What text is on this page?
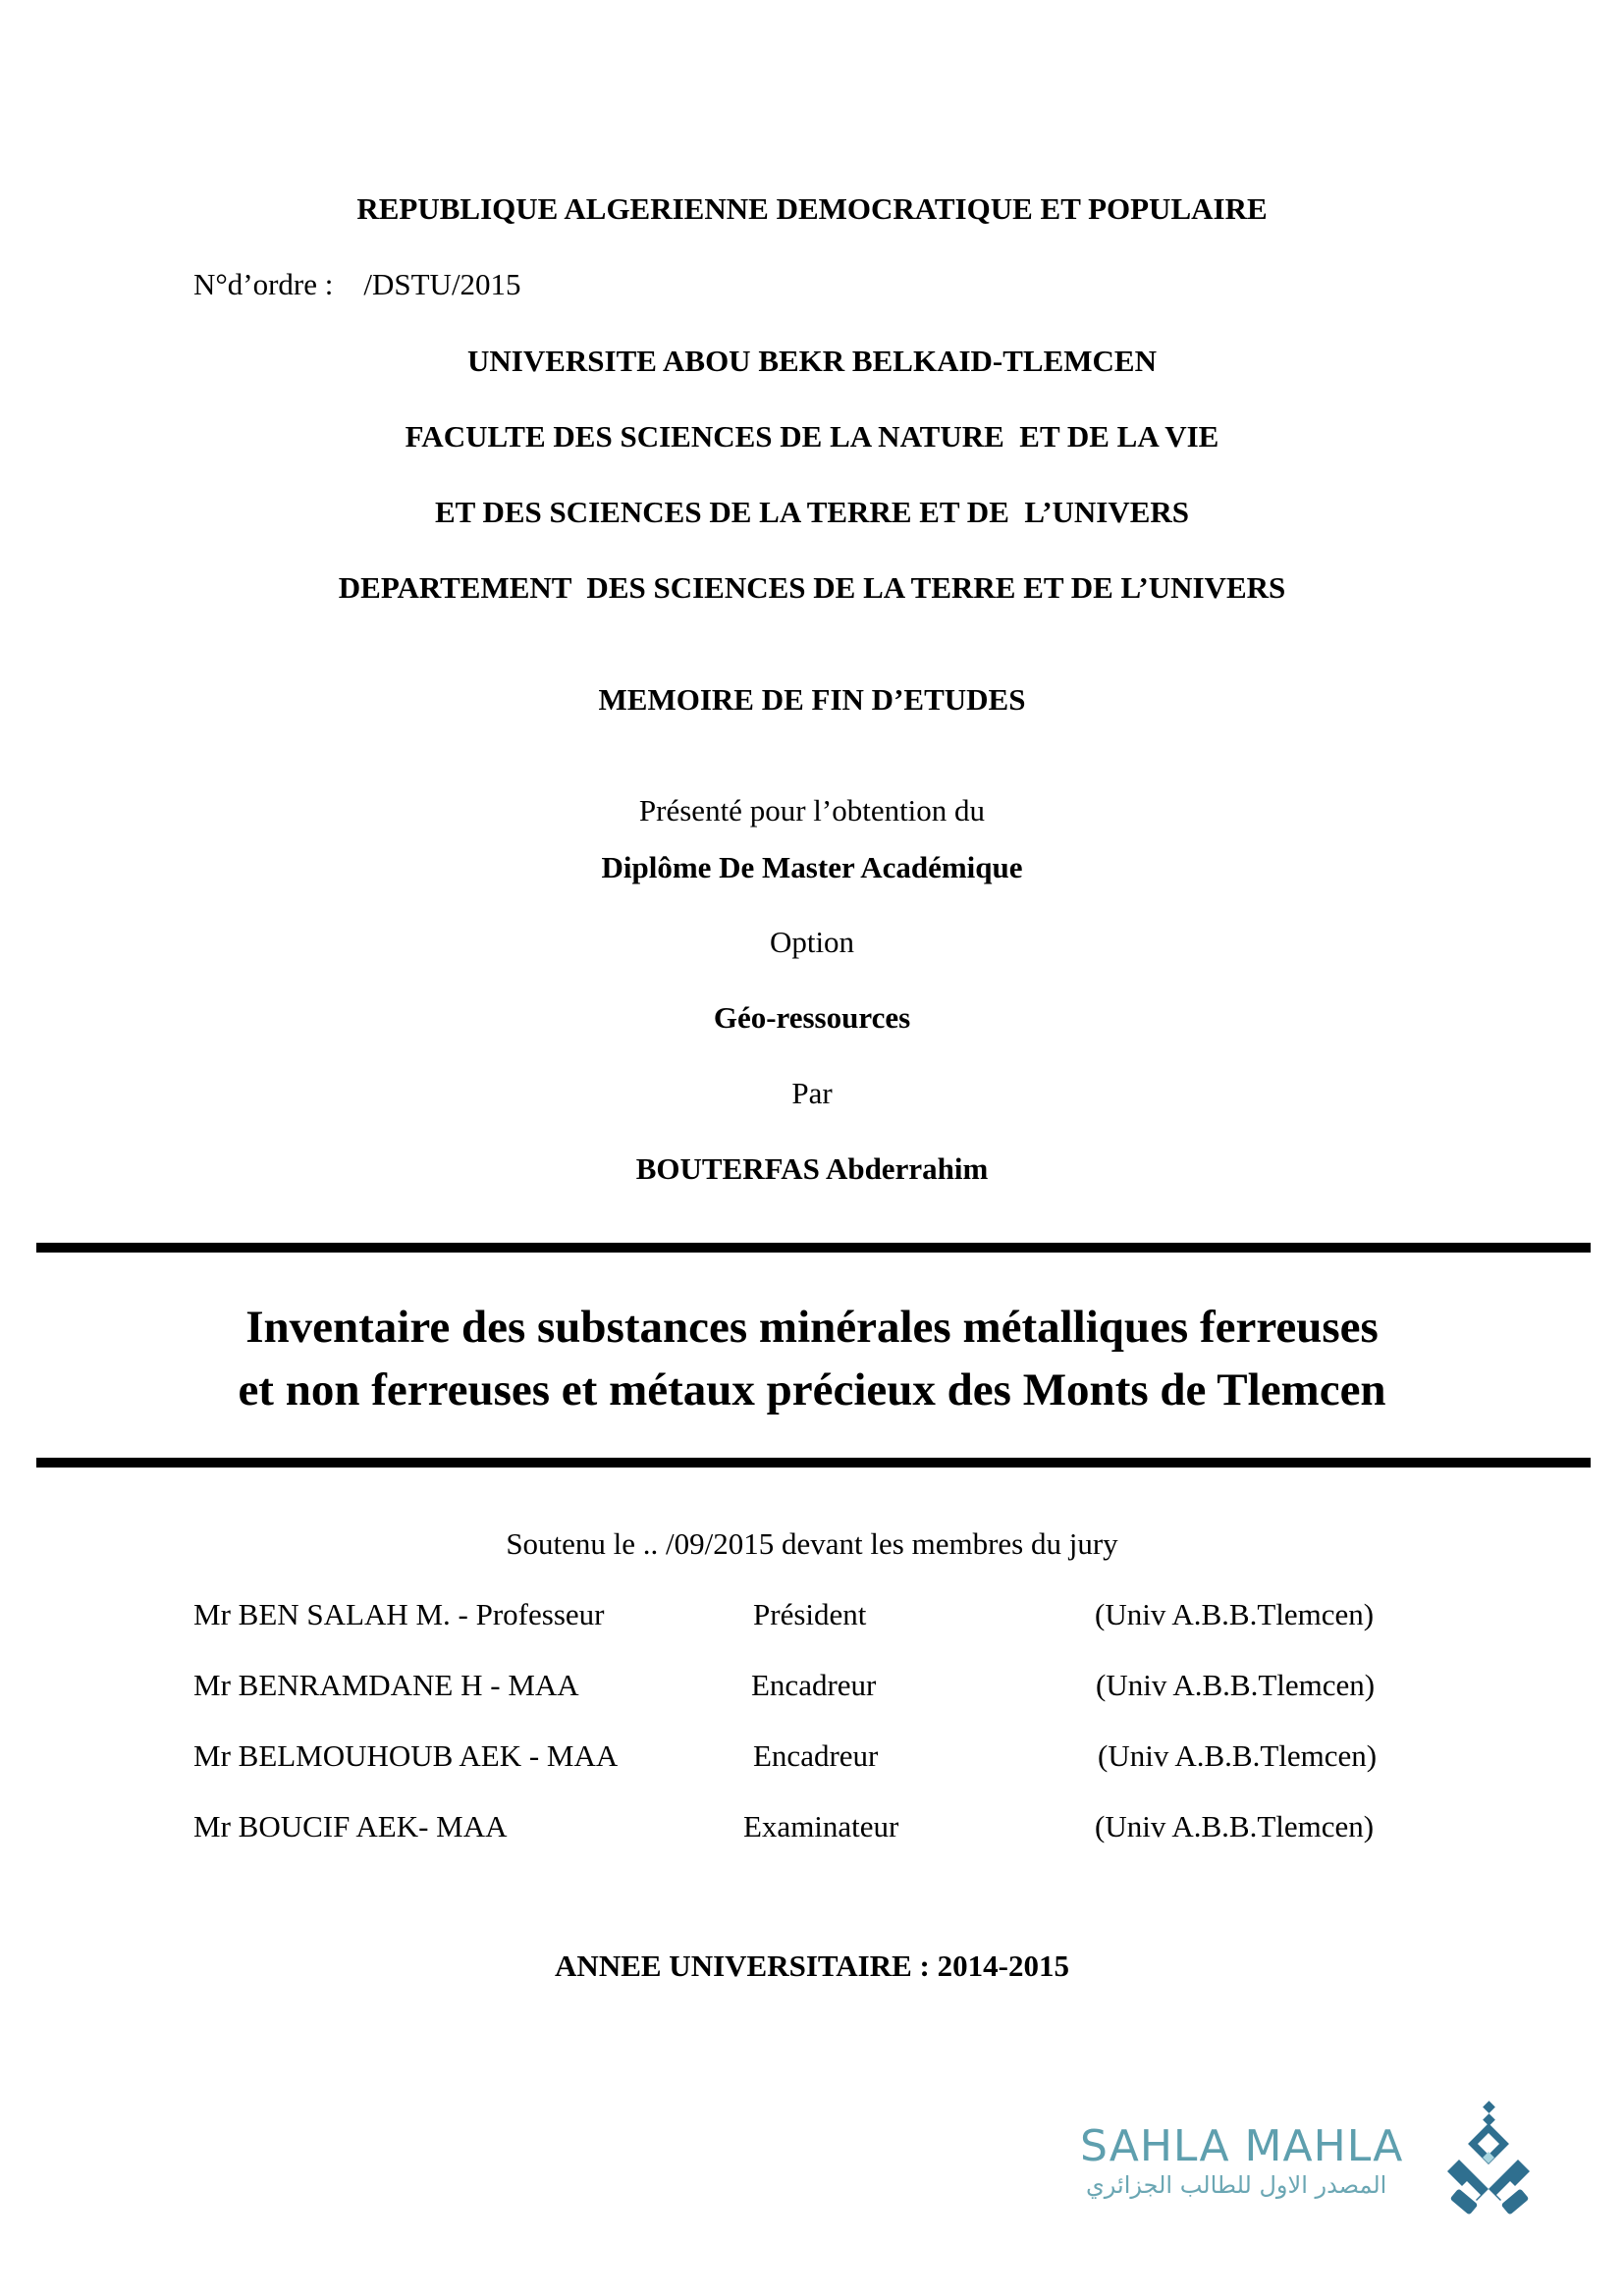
REPUBLIQUE ALGERIENNE DEMOCRATIQUE ET POPULAIRE
N°d’ordre :    /DSTU/2015
UNIVERSITE ABOU BEKR BELKAID-TLEMCEN
FACULTE DES SCIENCES DE LA NATURE  ET DE LA VIE
ET DES SCIENCES DE LA TERRE ET DE  L’UNIVERS
DEPARTEMENT  DES SCIENCES DE LA TERRE ET DE L’UNIVERS
MEMOIRE DE FIN D’ETUDES
Présenté pour l’obtention du
Diplôme De Master Académique
Option
Géo-ressources
Par
BOUTERFAS Abderrahim
Inventaire des substances minérales métalliques ferreuses
et non ferreuses et métaux précieux des Monts de Tlemcen
Soutenu le .. /09/2015 devant les membres du jury
Mr BEN SALAH M. - Professeur	Président	(Univ A.B.B.Tlemcen)
Mr BENRAMDANE H - MAA	Encadreur	(Univ A.B.B.Tlemcen)
Mr BELMOUHOUB AEK - MAA	Encadreur	(Univ A.B.B.Tlemcen)
Mr BOUCIF AEK- MAA	Examinateur	(Univ A.B.B.Tlemcen)
ANNEE UNIVERSITAIRE : 2014-2015
SAHLA MAHLA
المصدر الاول للطالب الجزائري
